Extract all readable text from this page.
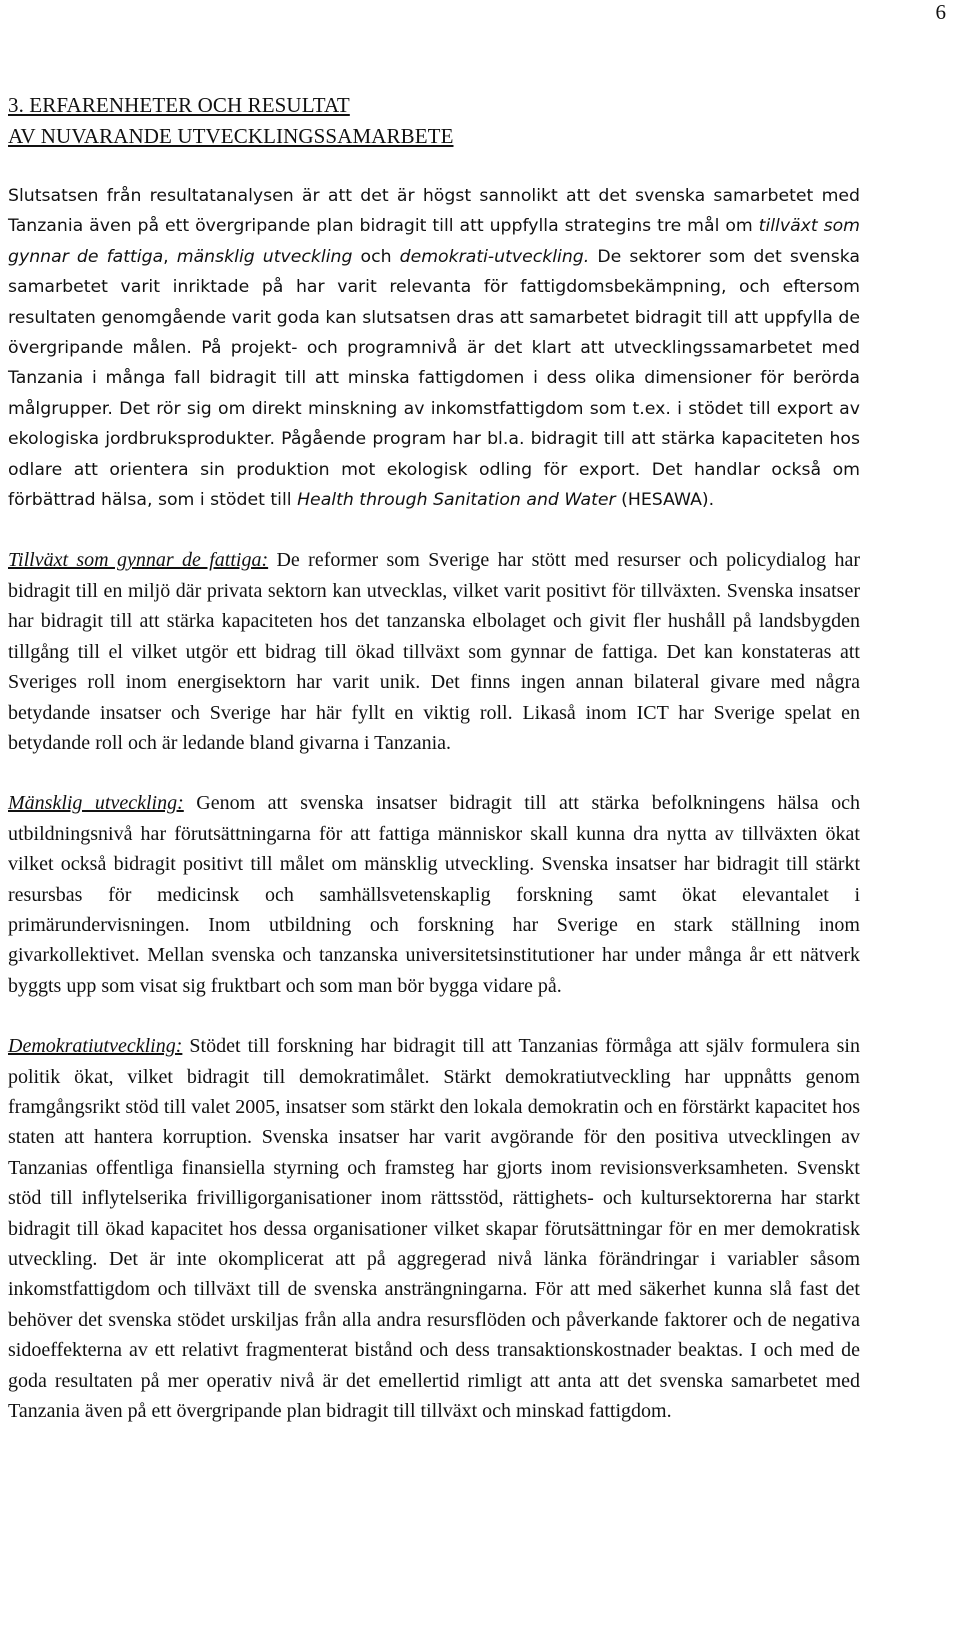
6
3. ERFARENHETER OCH RESULTAT
AV NUVARANDE UTVECKLINGSSAMARBETE

Slutsatsen från resultatanalysen är att det är högst sannolikt att det svenska samarbetet med Tanzania även på ett övergripande plan bidragit till att uppfylla strategins tre mål om tillväxt som gynnar de fattiga, mänsklig utveckling och demokrati-utveckling. De sektorer som det svenska samarbetet varit inriktade på har varit relevanta för fattigdomsbekämpning, och eftersom resultaten genomgående varit goda kan slutsatsen dras att samarbetet bidragit till att uppfylla de övergripande målen. På projekt- och programnivå är det klart att utvecklingssamarbetet med Tanzania i många fall bidragit till att minska fattigdomen i dess olika dimensioner för berörda målgrupper. Det rör sig om direkt minskning av inkomstfattigdom som t.ex. i stödet till export av ekologiska jordbruksprodukter. Pågående program har bl.a. bidragit till att stärka kapaciteten hos odlare att orientera sin produktion mot ekologisk odling för export. Det handlar också om förbättrad hälsa, som i stödet till Health through Sanitation and Water (HESAWA).

Tillväxt som gynnar de fattiga: De reformer som Sverige har stött med resurser och policydialog har bidragit till en miljö där privata sektorn kan utvecklas, vilket varit positivt för tillväxten. Svenska insatser har bidragit till att stärka kapaciteten hos det tanzanska elbolaget och givit fler hushåll på landsbygden tillgång till el vilket utgör ett bidrag till ökad tillväxt som gynnar de fattiga. Det kan konstateras att Sveriges roll inom energisektorn har varit unik. Det finns ingen annan bilateral givare med några betydande insatser och Sverige har här fyllt en viktig roll. Likaså inom ICT har Sverige spelat en betydande roll och är ledande bland givarna i Tanzania.

Mänsklig utveckling: Genom att svenska insatser bidragit till att stärka befolkningens hälsa och utbildningsnivå har förutsättningarna för att fattiga människor skall kunna dra nytta av tillväxten ökat vilket också bidragit positivt till målet om mänsklig utveckling. Svenska insatser har bidragit till stärkt resursbas för medicinsk och samhällsvetenskaplig forskning samt ökat elevantalet i primärundervisningen. Inom utbildning och forskning har Sverige en stark ställning inom givarkollektivet. Mellan svenska och tanzanska universitetsinstitutioner har under många år ett nätverk byggts upp som visat sig fruktbart och som man bör bygga vidare på.

Demokratiutveckling: Stödet till forskning har bidragit till att Tanzanias förmåga att själv formulera sin politik ökat, vilket bidragit till demokratimålet. Stärkt demokratiutveckling har uppnåtts genom framgångsrikt stöd till valet 2005, insatser som stärkt den lokala demokratin och en förstärkt kapacitet hos staten att hantera korruption. Svenska insatser har varit avgörande för den positiva utvecklingen av Tanzanias offentliga finansiella styrning och framsteg har gjorts inom revisionsverksamheten. Svenskt stöd till inflytelserika frivilligorganisationer inom rättsstöd, rättighets- och kultursektorerna har starkt bidragit till ökad kapacitet hos dessa organisationer vilket skapar förutsättningar för en mer demokratisk utveckling. Det är inte okomplicerat att på aggregerad nivå länka förändringar i variabler såsom inkomstfattigdom och tillväxt till de svenska ansträngningarna. För att med säkerhet kunna slå fast det behöver det svenska stödet urskiljas från alla andra resursflöden och påverkande faktorer och de negativa sidoeffekterna av ett relativt fragmenterat bistånd och dess transaktionskostnader beaktas. I och med de goda resultaten på mer operativ nivå är det emellertid rimligt att anta att det svenska samarbetet med Tanzania även på ett övergripande plan bidragit till tillväxt och minskad fattigdom.
